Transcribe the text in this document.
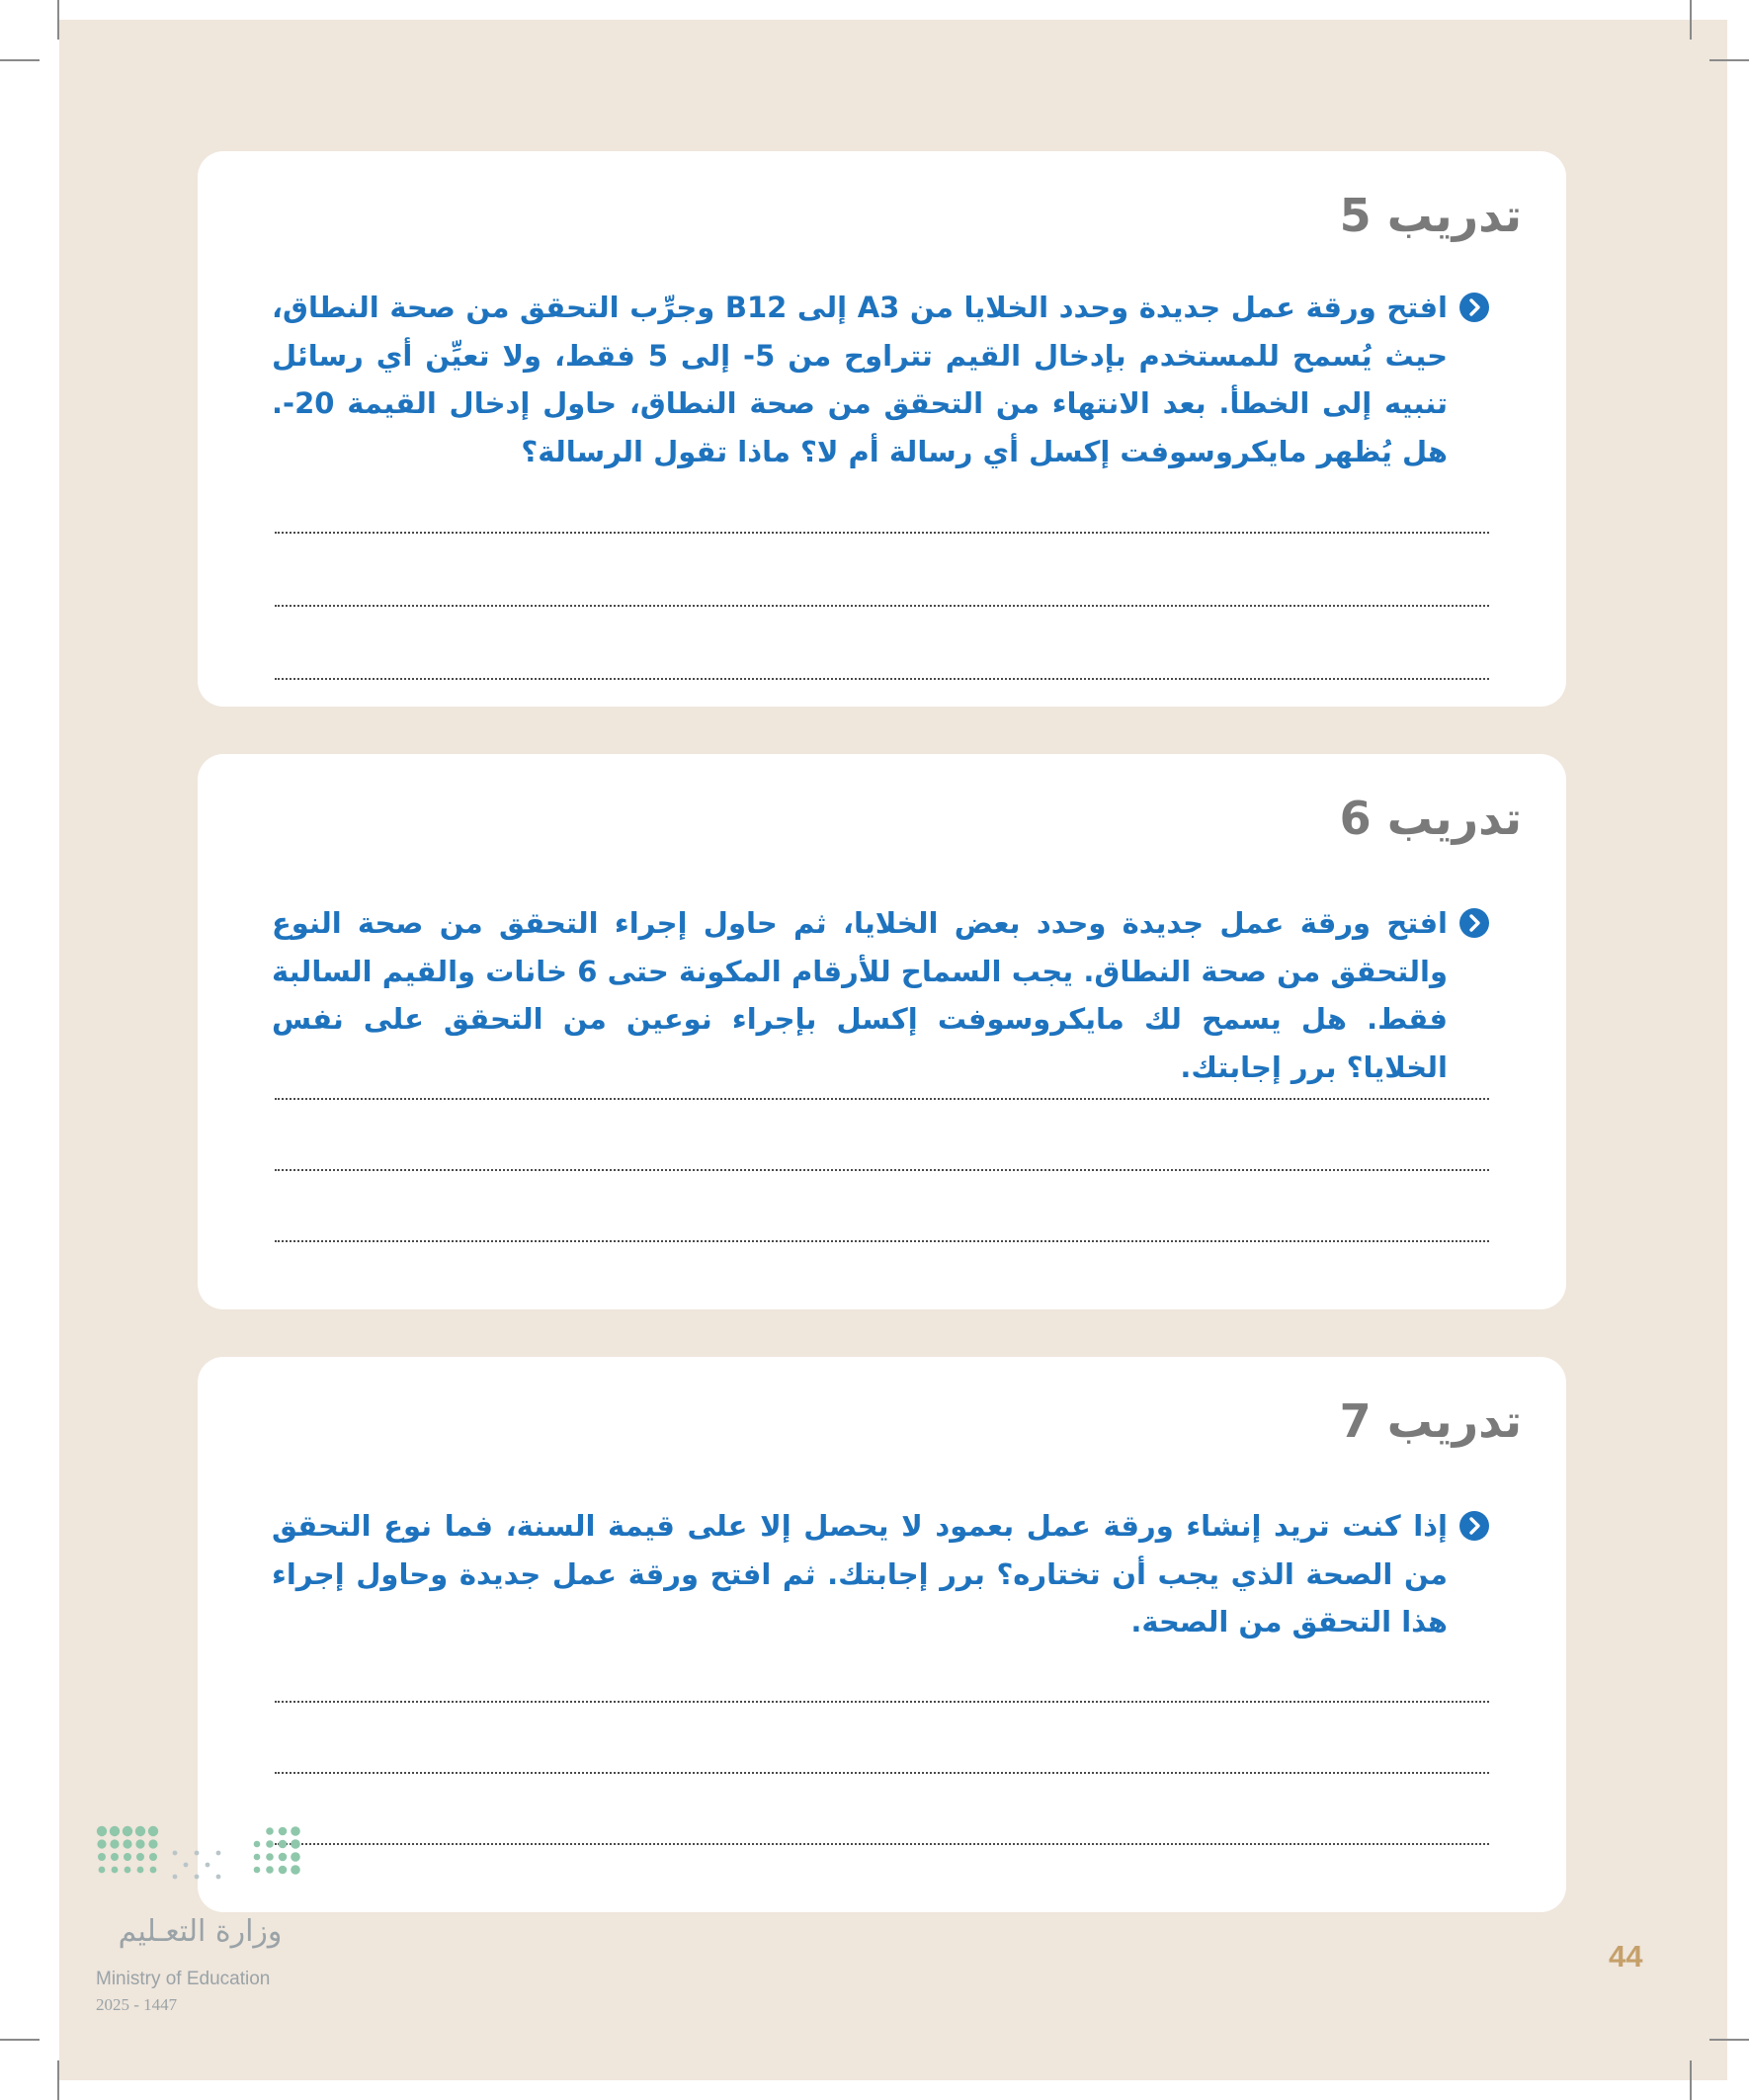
تدريب 5
افتح ورقة عمل جديدة وحدد الخلايا من A3 إلى B12 وجرِّب التحقق من صحة النطاق، حيث يُسمح للمستخدم بإدخال القيم تتراوح من 5- إلى 5 فقط، ولا تعيِّن أي رسائل تنبيه إلى الخطأ. بعد الانتهاء من التحقق من صحة النطاق، حاول إدخال القيمة 20-. هل يُظهر مايكروسوفت إكسل أي رسالة أم لا؟ ماذا تقول الرسالة؟
تدريب 6
افتح ورقة عمل جديدة وحدد بعض الخلايا، ثم حاول إجراء التحقق من صحة النوع والتحقق من صحة النطاق. يجب السماح للأرقام المكونة حتى 6 خانات والقيم السالبة فقط. هل يسمح لك مايكروسوفت إكسل بإجراء نوعين من التحقق على نفس الخلايا؟ برر إجابتك.
تدريب 7
إذا كنت تريد إنشاء ورقة عمل بعمود لا يحصل إلا على قيمة السنة، فما نوع التحقق من الصحة الذي يجب أن تختاره؟ برر إجابتك. ثم افتح ورقة عمل جديدة وحاول إجراء هذا التحقق من الصحة.
وزارة التعـليم
Ministry of Education
2025 - 1447
44
